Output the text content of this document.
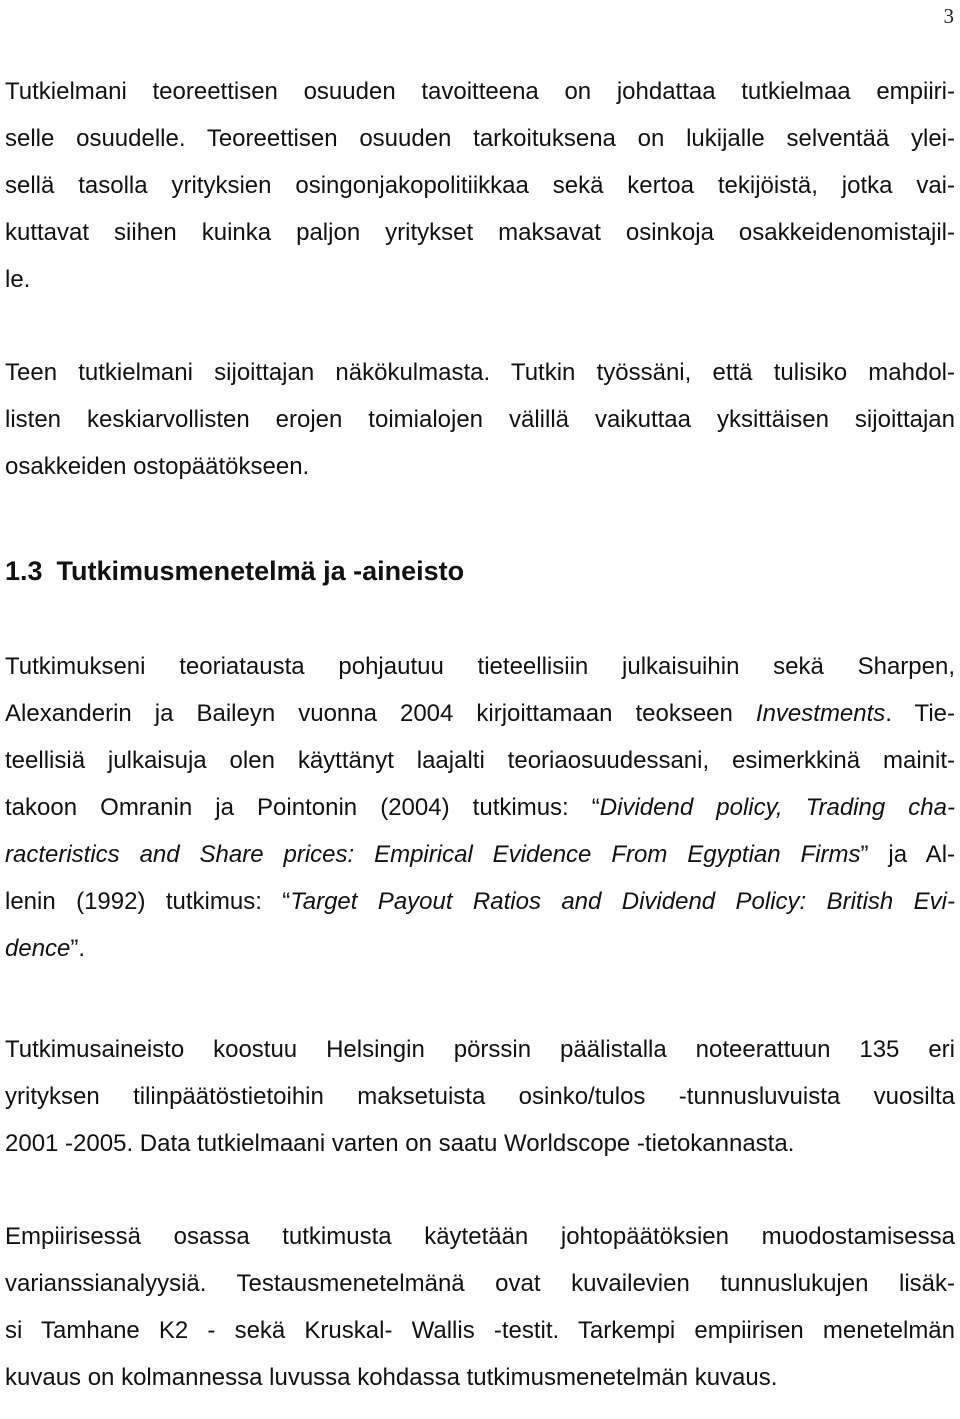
3

Tutkielmani teoreettisen osuuden tavoitteena on johdattaa tutkielmaa empiiri-
selle osuudelle. Teoreettisen osuuden tarkoituksena on lukijalle selventää ylei-
sellä tasolla yrityksien osingonjakopolitiikkaa sekä kertoa tekijöistä, jotka vai-
kuttavat siihen kuinka paljon yritykset maksavat osinkoja osakkeidenomistajil-
le.

Teen tutkielmani sijoittajan näkökulmasta. Tutkin työssäni, että tulisiko mahdol-
listen keskiarvollisten erojen toimialojen välillä vaikuttaa yksittäisen sijoittajan
osakkeiden ostopäätökseen.

1.3 Tutkimusmenetelmä ja -aineisto

Tutkimukseni teoriatausta pohjautuu tieteellisiin julkaisuihin sekä Sharpen,
Alexanderin ja Baileyn vuonna 2004 kirjoittamaan teokseen Investments. Tie-
teellisiä julkaisuja olen käyttänyt laajalti teoriaosuudessani, esimerkkinä mainit-
takoon Omranin ja Pointonin (2004) tutkimus: “Dividend policy, Trading cha-
racteristics and Share prices: Empirical Evidence From Egyptian Firms” ja Al-
lenin (1992) tutkimus: “Target Payout Ratios and Dividend Policy: British Evi-
dence”.

Tutkimusaineisto koostuu Helsingin pörssin päälistalla noteerattuun 135 eri
yrityksen tilinpäätöstietoihin maksetuista osinko/tulos -tunnusluvuista vuosilta
2001 -2005. Data tutkielmaani varten on saatu Worldscope -tietokannasta.

Empiirisessä osassa tutkimusta käytetään johtopäätöksien muodostamisessa
varianssianalyysiä. Testausmenetelmänä ovat kuvailevien tunnuslukujen lisäk-
si Tamhane K2 - sekä Kruskal- Wallis -testit. Tarkempi empiirisen menetelmän
kuvaus on kolmannessa luvussa kohdassa tutkimusmenetelmän kuvaus.
